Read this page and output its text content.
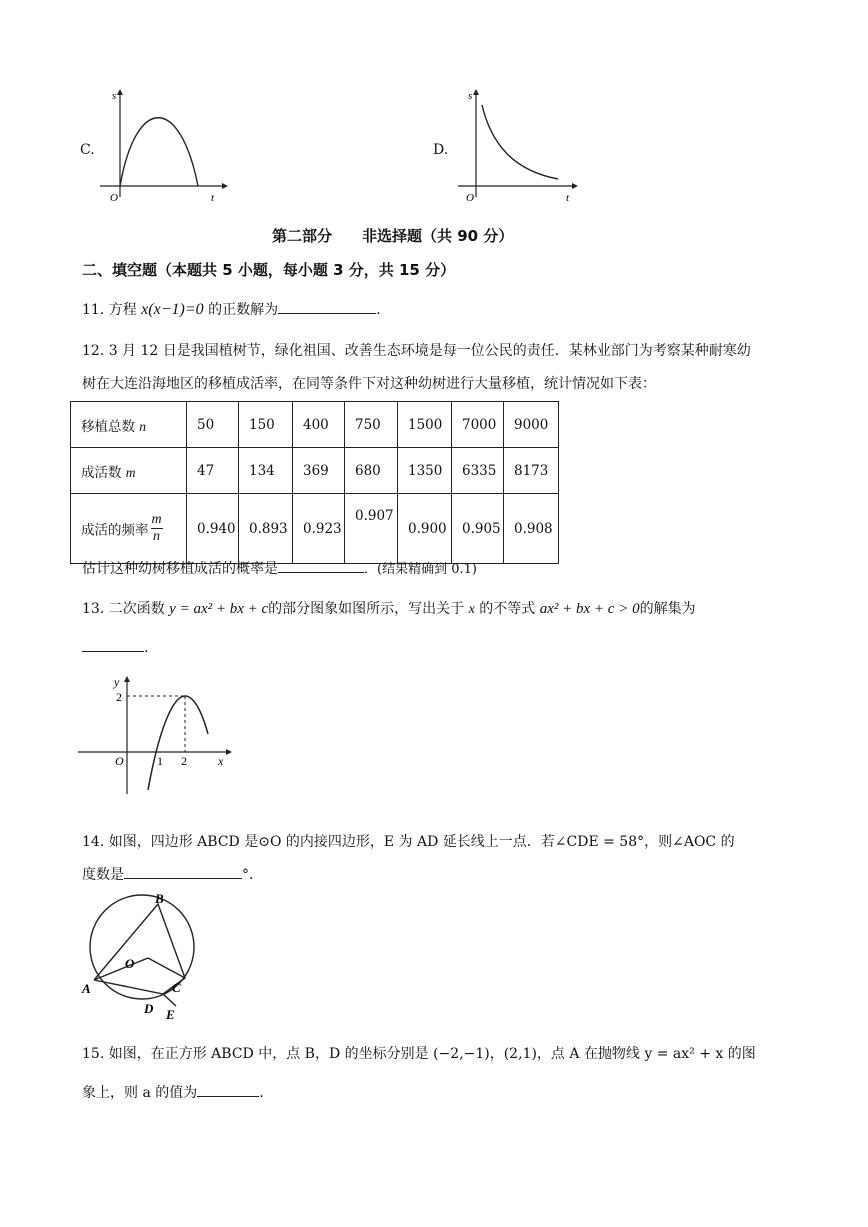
C.
s
t
O
D.
s
t
O
第二部分　　非选择题（共 90 分）
二、填空题（本题共 5 小题，每小题 3 分，共 15 分）
11. 方程 x(x−1)=0 的正数解为	.
12. 3 月 12 日是我国植树节，绿化祖国、改善生态环境是每一位公民的责任．某林业部门为考察某种耐寒幼
树在大连沿海地区的移植成活率，在同等条件下对这种幼树进行大量移植，统计情况如下表：
移植总数 n	50	150	400	750	1500	7000	9000
成活数 m	47	134	369	680	1350	6335	8173
成活的频率 $\frac{m}{n}$	0.940	0.893	0.923	0.907	0.900	0.905	0.908
估计这种幼树移植成活的概率是	．(结果精确到 0.1)
13. 二次函数 y = ax² + bx + c的部分图象如图所示，写出关于 x 的不等式 ax² + bx + c > 0的解集为
.
y
2
O	1 2	x
14. 如图，四边形 ABCD 是⊙O 的内接四边形，E 为 AD 延长线上一点．若∠CDE = 58°，则∠AOC 的
度数是	°．
B
O
A	C
D E
15. 如图，在正方形 ABCD 中，点 B，D 的坐标分别是 (−2,−1)，(2,1)，点 A 在抛物线 y = ax² + x 的图
象上，则 a 的值为	．
